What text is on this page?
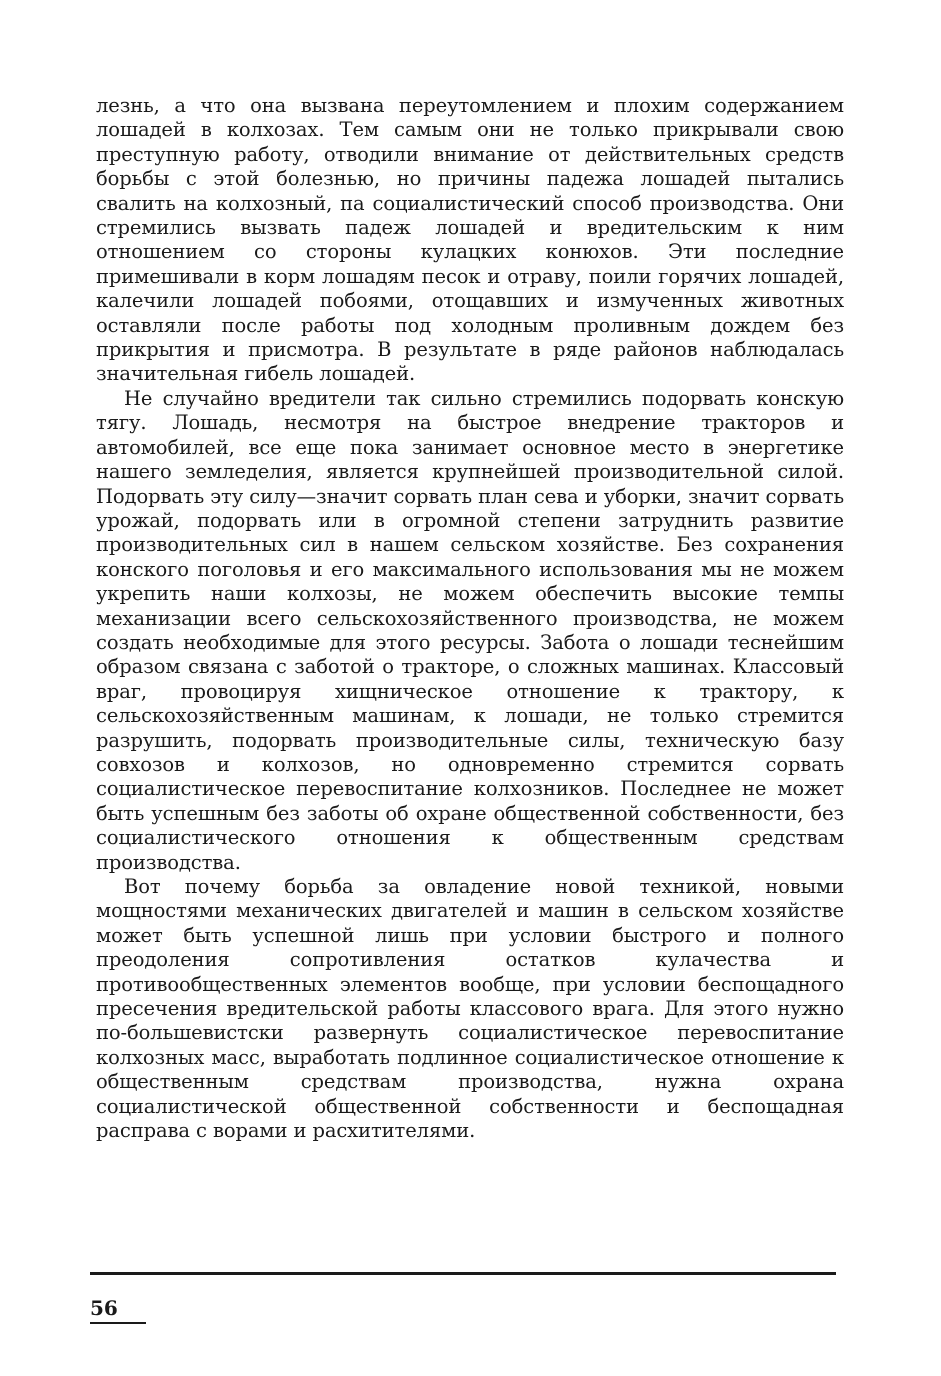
лезнь, а что она вызвана переутомлением и плохим содержанием лошадей в колхозах. Тем самым они не только прикрывали свою преступную работу, отводили внимание от действительных средств борьбы с этой болезнью, но причины падежа лошадей пытались свалить на колхозный, па социалистический способ производства. Они стремились вызвать падеж лошадей и вредительским к ним отношением со стороны кулацких конюхов. Эти последние примешивали в корм лошадям песок и отраву, поили горячих лошадей, калечили лошадей побоями, отощавших и измученных животных оставляли после работы под холодным проливным дождем без прикрытия и присмотра. В результате в ряде районов наблюдалась значительная гибель лошадей.

Не случайно вредители так сильно стремились подорвать конскую тягу. Лошадь, несмотря на быстрое внедрение тракторов и автомобилей, все еще пока занимает основное место в энергетике нашего земледелия, является крупнейшей производительной силой. Подорвать эту силу—значит сорвать план сева и уборки, значит сорвать урожай, подорвать или в огромной степени затруднить развитие производительных сил в нашем сельском хозяйстве. Без сохранения конского поголовья и его максимального использования мы не можем укрепить наши колхозы, не можем обеспечить высокие темпы механизации всего сельскохозяйственного производства, не можем создать необходимые для этого ресурсы. Забота о лошади теснейшим образом связана с заботой о тракторе, о сложных машинах. Классовый враг, провоцируя хищническое отношение к трактору, к сельскохозяйственным машинам, к лошади, не только стремится разрушить, подорвать производительные силы, техническую базу совхозов и колхозов, но одновременно стремится сорвать социалистическое перевоспитание колхозников. Последнее не может быть успешным без заботы об охране общественной собственности, без социалистического отношения к общественным средствам производства.

Вот почему борьба за овладение новой техникой, новыми мощностями механических двигателей и машин в сельском хозяйстве может быть успешной лишь при условии быстрого и полного преодоления сопротивления остатков кулачества и противообщественных элементов вообще, при условии беспощадного пресечения вредительской работы классового врага. Для этого нужно по-большевистски развернуть социалистическое перевоспитание колхозных масс, выработать подлинное социалистическое отношение к общественным средствам производства, нужна охрана социалистической общественной собственности и беспощадная расправа с ворами и расхитителями.

56
